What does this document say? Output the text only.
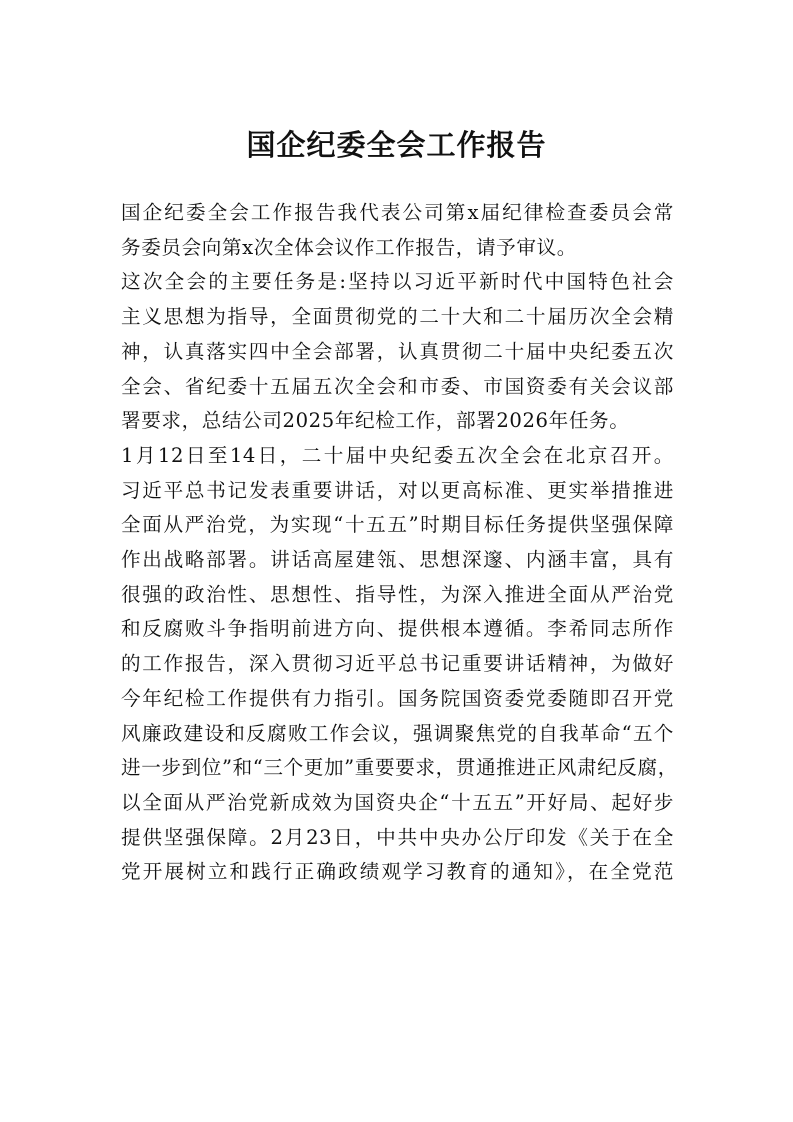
国企纪委全会工作报告

国企纪委全会工作报告我代表公司第x届纪律检查委员会常
务委员会向第x次全体会议作工作报告，请予审议。

这次全会的主要任务是:坚持以习近平新时代中国特色社会
主义思想为指导，全面贯彻党的二十大和二十届历次全会精
神，认真落实四中全会部署，认真贯彻二十届中央纪委五次
全会、省纪委十五届五次全会和市委、市国资委有关会议部
署要求，总结公司2025年纪检工作，部署2026年任务。

1月12日至14日，二十届中央纪委五次全会在北京召开。
习近平总书记发表重要讲话，对以更高标准、更实举措推进
全面从严治党，为实现“十五五”时期目标任务提供坚强保障
作出战略部署。讲话高屋建瓴、思想深邃、内涵丰富，具有
很强的政治性、思想性、指导性，为深入推进全面从严治党
和反腐败斗争指明前进方向、提供根本遵循。李希同志所作
的工作报告，深入贯彻习近平总书记重要讲话精神，为做好
今年纪检工作提供有力指引。国务院国资委党委随即召开党
风廉政建设和反腐败工作会议，强调聚焦党的自我革命“五个
进一步到位”和“三个更加”重要要求，贯通推进正风肃纪反腐，
以全面从严治党新成效为国资央企“十五五”开好局、起好步
提供坚强保障。2月23日，中共中央办公厅印发《关于在全
党开展树立和践行正确政绩观学习教育的通知》，在全党范
